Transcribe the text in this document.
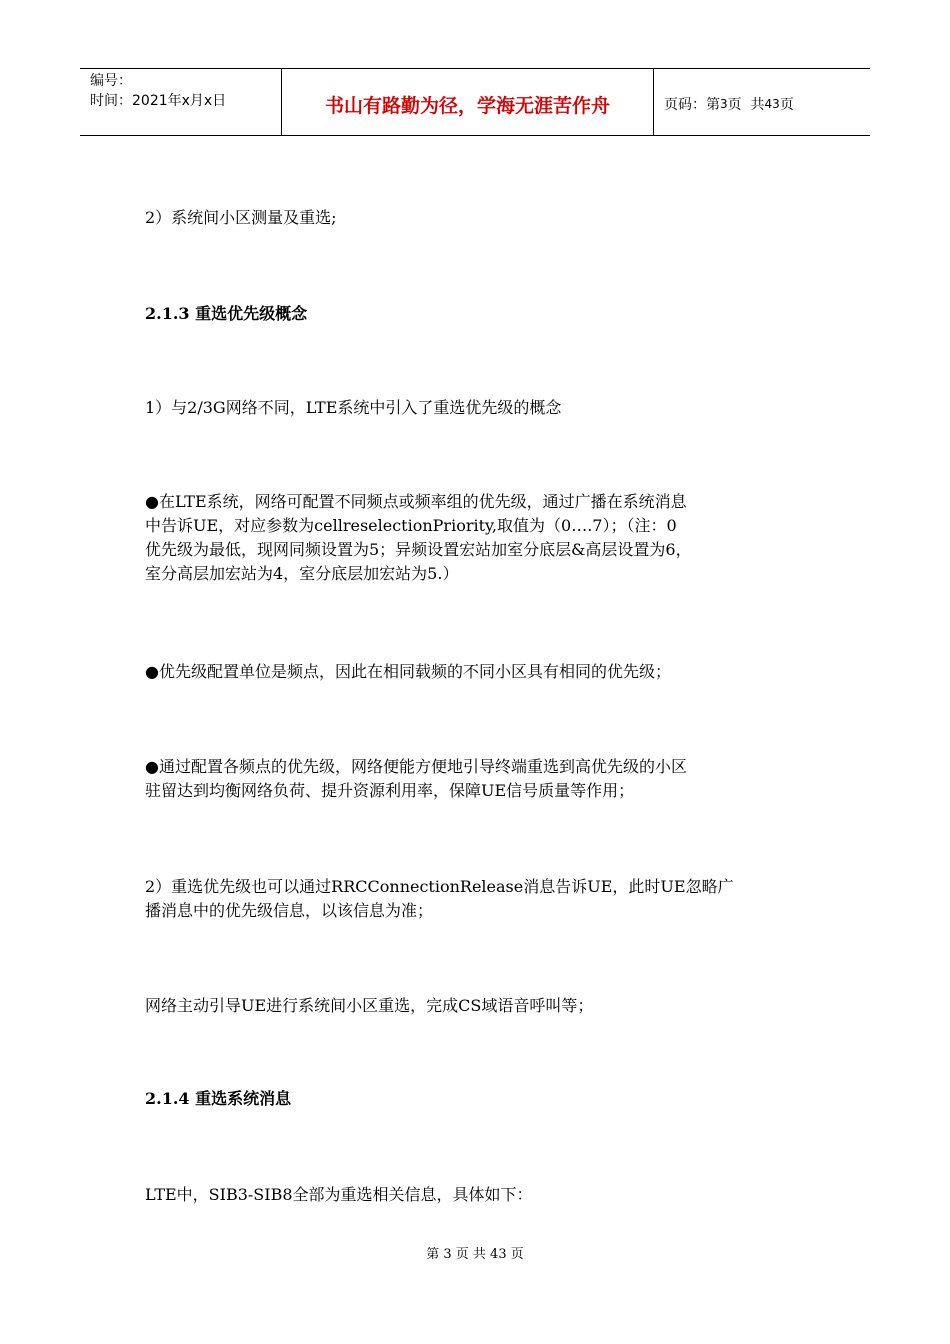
编号：
时间：2021年x月x日	书山有路勤为径，学海无涯苦作舟	页码：第 3 页  共 43 页
2）系统间小区测量及重选;
2.1.3 重选优先级概念
1）与2/3G网络不同，LTE系统中引入了重选优先级的概念
●在LTE系统，网络可配置不同频点或频率组的优先级，通过广播在系统消息
中告诉UE，对应参数为cellreselectionPriority,取值为（0….7）；（注：0
优先级为最低，现网同频设置为5；异频设置宏站加室分底层&高层设置为6，
室分高层加宏站为4，室分底层加宏站为5.）
●优先级配置单位是频点，因此在相同载频的不同小区具有相同的优先级；
●通过配置各频点的优先级，网络便能方便地引导终端重选到高优先级的小区
驻留达到均衡网络负荷、提升资源利用率，保障UE信号质量等作用；
2）重选优先级也可以通过RRCConnectionRelease消息告诉UE，此时UE忽略广
播消息中的优先级信息，以该信息为准；
网络主动引导UE进行系统间小区重选，完成CS域语音呼叫等；
2.1.4 重选系统消息
LTE中，SIB3-SIB8全部为重选相关信息，具体如下：
第 3 页 共 43 页
